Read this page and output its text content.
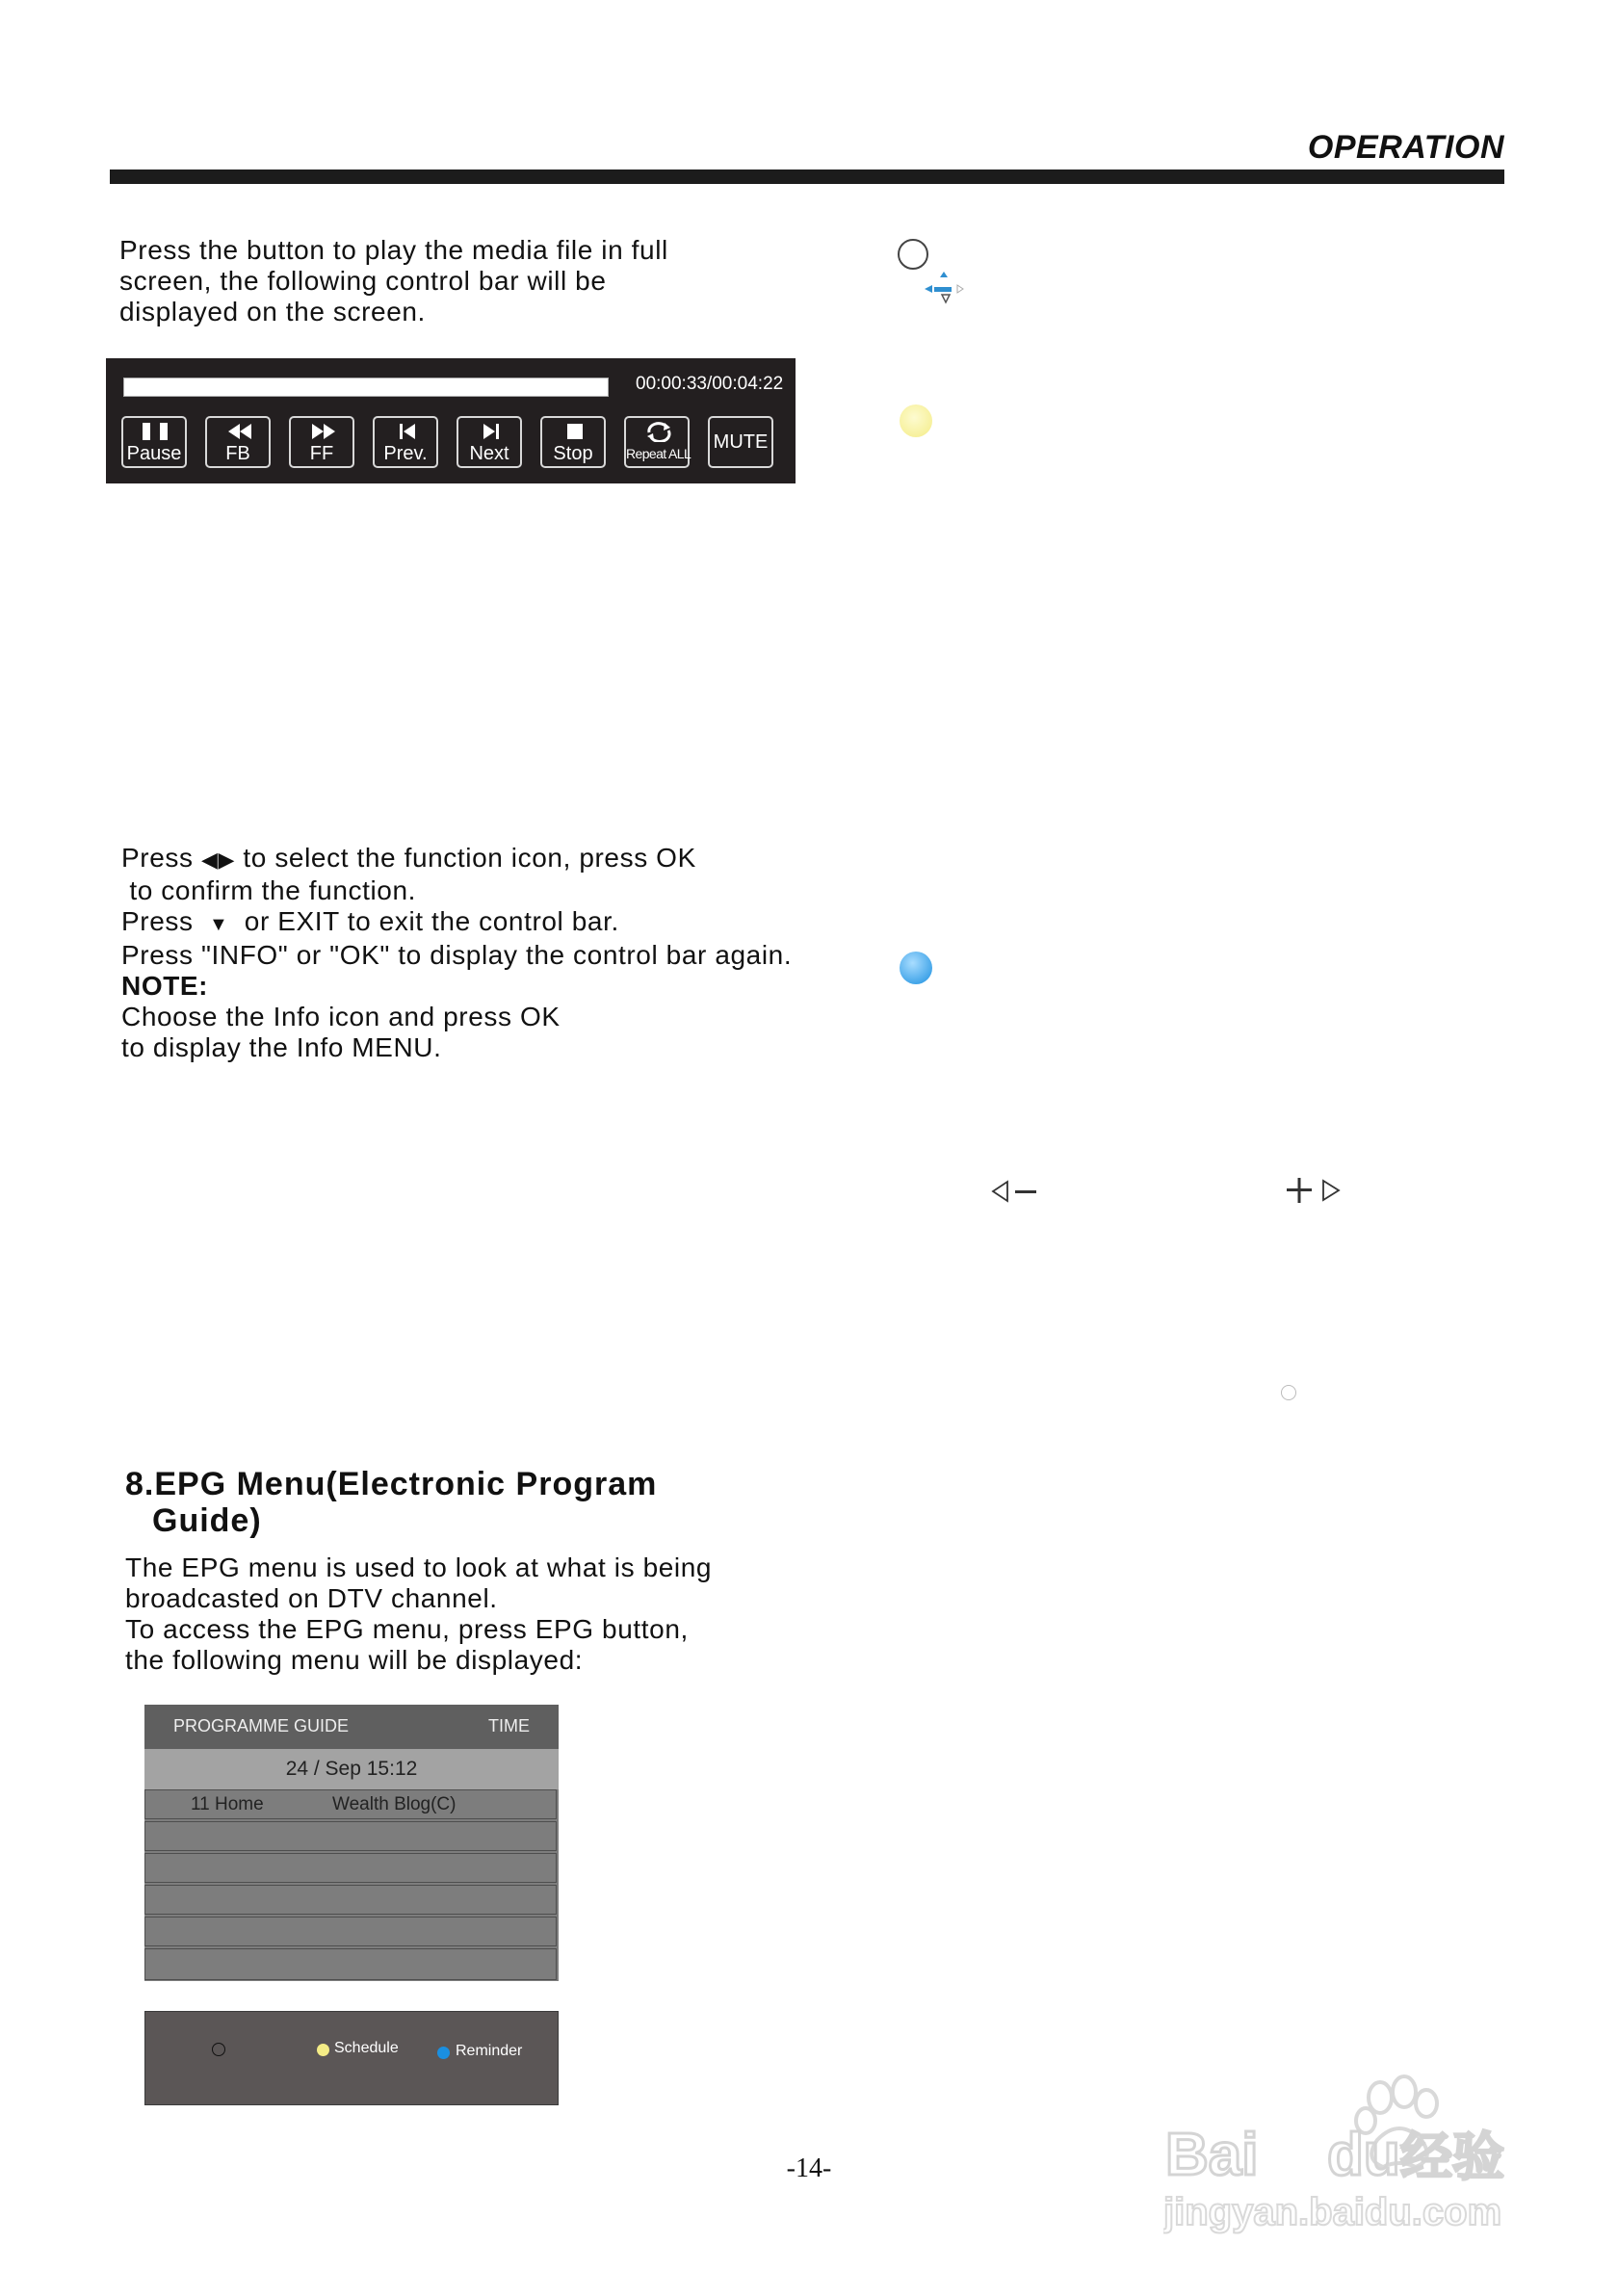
OPERATION
Press the button to play the media file in full
screen, the following control bar will be
displayed on the screen.
00:00:33/00:04:22
Pause	FB	FF	Prev.	Next	Stop	Repeat ALL
MUTE
Press ◀▶ to select the function icon, press OK
to confirm the function.
Press ▼ or EXIT to exit the control bar.
Press "INFO" or "OK" to display the control bar again.
NOTE:
Choose the Info icon and press OK
to display the Info MENU.
8.EPG Menu(Electronic Program
Guide)
The EPG menu is used to look at what is being
broadcasted on DTV channel.
To access the EPG menu, press EPG button,
the following menu will be displayed:
PROGRAMME GUIDE	TIME
24 / Sep 15:12
11 Home	Wealth Blog(C)
Schedule	Reminder
-14-	Bai du 经验
jingyan.baidu.com
